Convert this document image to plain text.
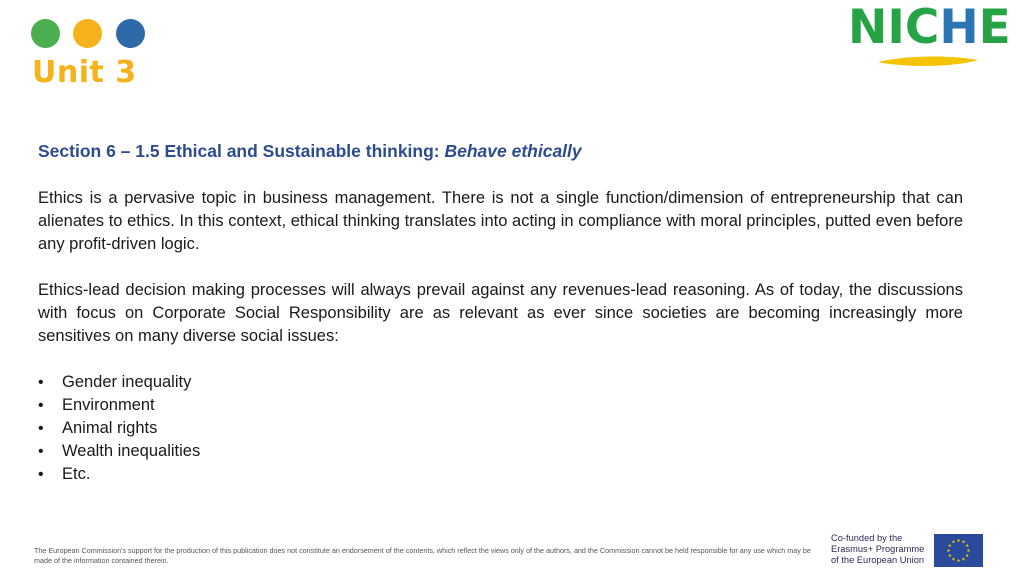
Unit 3
NICHE
Section 6 – 1.5 Ethical and Sustainable thinking: Behave ethically

Ethics is a pervasive topic in business management. There is not a single function/dimension of entrepreneurship that can alienates to ethics. In this context, ethical thinking translates into acting in compliance with moral principles, putted even before any profit-driven logic.

Ethics-lead decision making processes will always prevail against any revenues-lead reasoning. As of today, the discussions with focus on Corporate Social Responsibility are as relevant as ever since societies are becoming increasingly more sensitives on many diverse social issues:

• Gender inequality
• Environment
• Animal rights
• Wealth inequalities
• Etc.

The European Commission's support for the production of this publication does not constitute an endorsement of the contents, which reflect the views only of the authors, and the Commission cannot be held responsible for any use which may be made of the information contained therein.

Co-funded by the
Erasmus+ Programme
of the European Union
